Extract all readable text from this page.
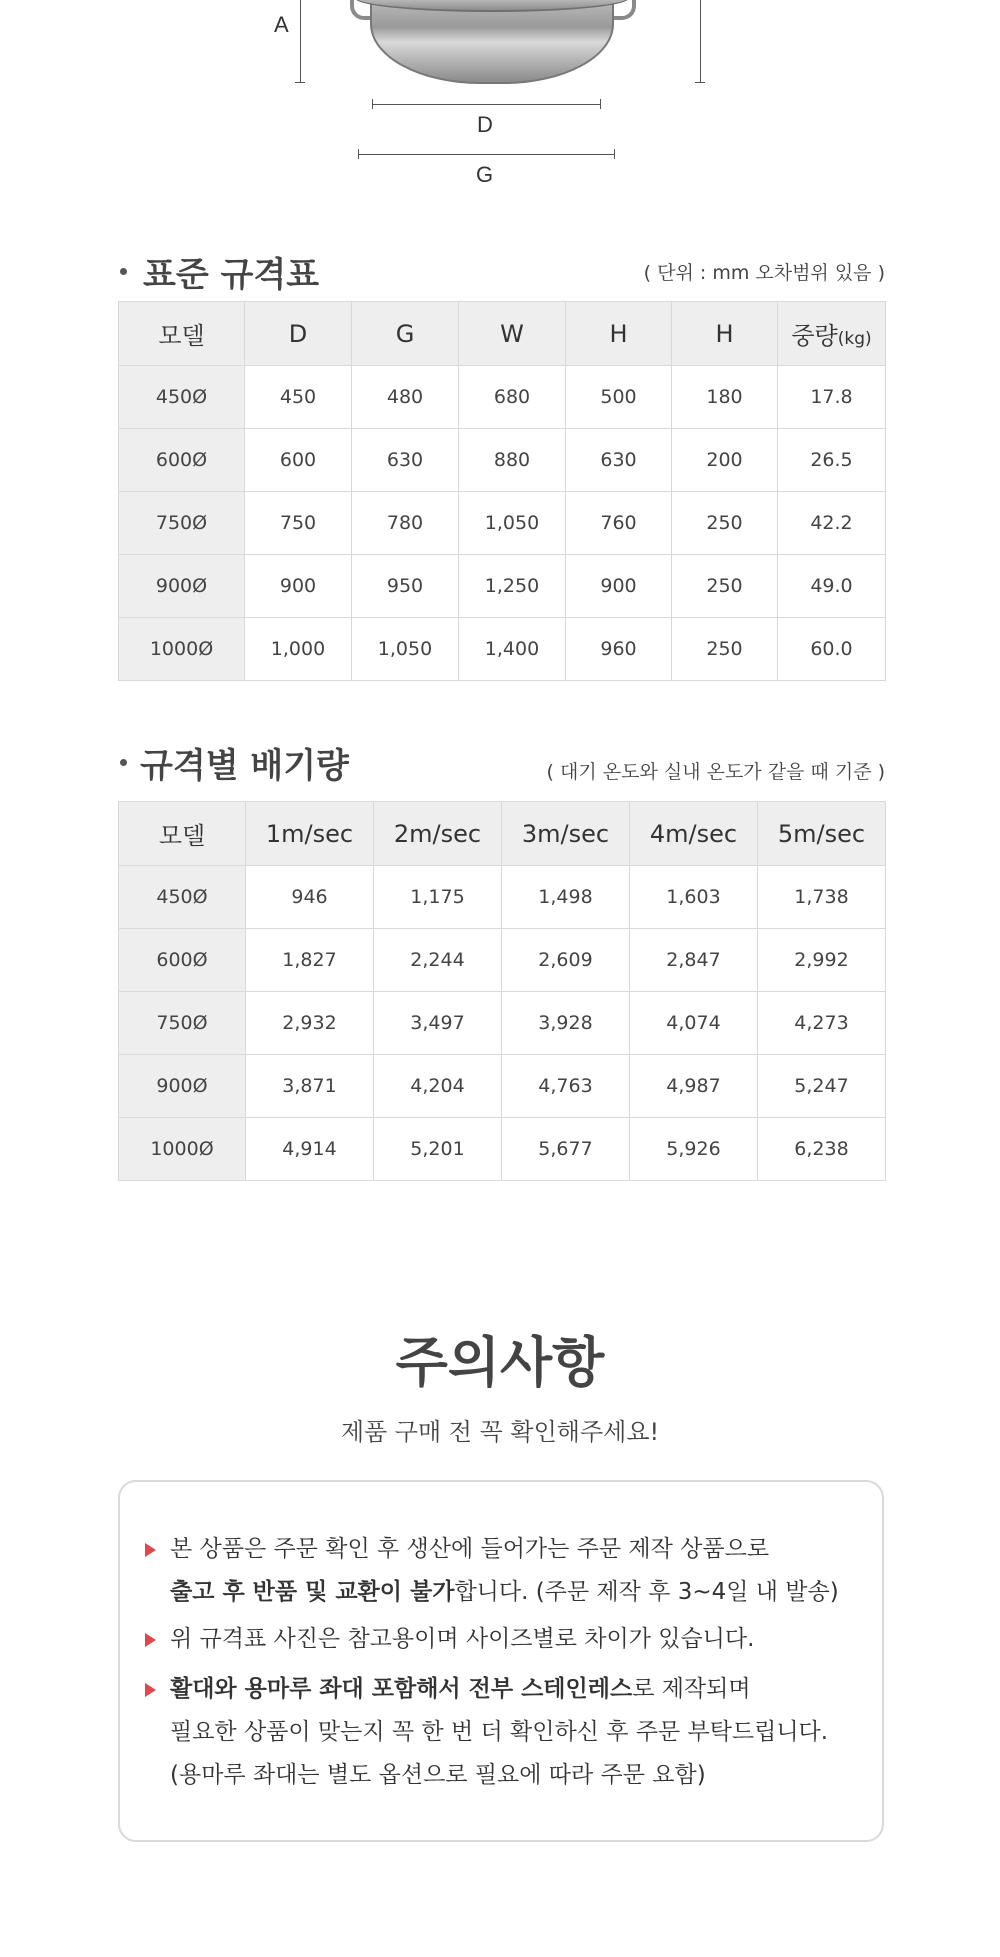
A
D
G
표준 규격표	( 단위 : mm 오차범위 있음 )
모델	D	G	W	H	H	중량(kg)
450Ø	450	480	680	500	180	17.8
600Ø	600	630	880	630	200	26.5
750Ø	750	780	1,050	760	250	42.2
900Ø	900	950	1,250	900	250	49.0
1000Ø	1,000	1,050	1,400	960	250	60.0
규격별 배기량	( 대기 온도와 실내 온도가 같을 때 기준 )
모델	1m/sec	2m/sec	3m/sec	4m/sec	5m/sec
450Ø	946	1,175	1,498	1,603	1,738
600Ø	1,827	2,244	2,609	2,847	2,992
750Ø	2,932	3,497	3,928	4,074	4,273
900Ø	3,871	4,204	4,763	4,987	5,247
1000Ø	4,914	5,201	5,677	5,926	6,238
주의사항
제품 구매 전 꼭 확인해주세요!
본 상품은 주문 확인 후 생산에 들어가는 주문 제작 상품으로
출고 후 반품 및 교환이 불가합니다. (주문 제작 후 3~4일 내 발송)
위 규격표 사진은 참고용이며 사이즈별로 차이가 있습니다.
활대와 용마루 좌대 포함해서 전부 스테인레스로 제작되며
필요한 상품이 맞는지 꼭 한 번 더 확인하신 후 주문 부탁드립니다.
(용마루 좌대는 별도 옵션으로 필요에 따라 주문 요함)
